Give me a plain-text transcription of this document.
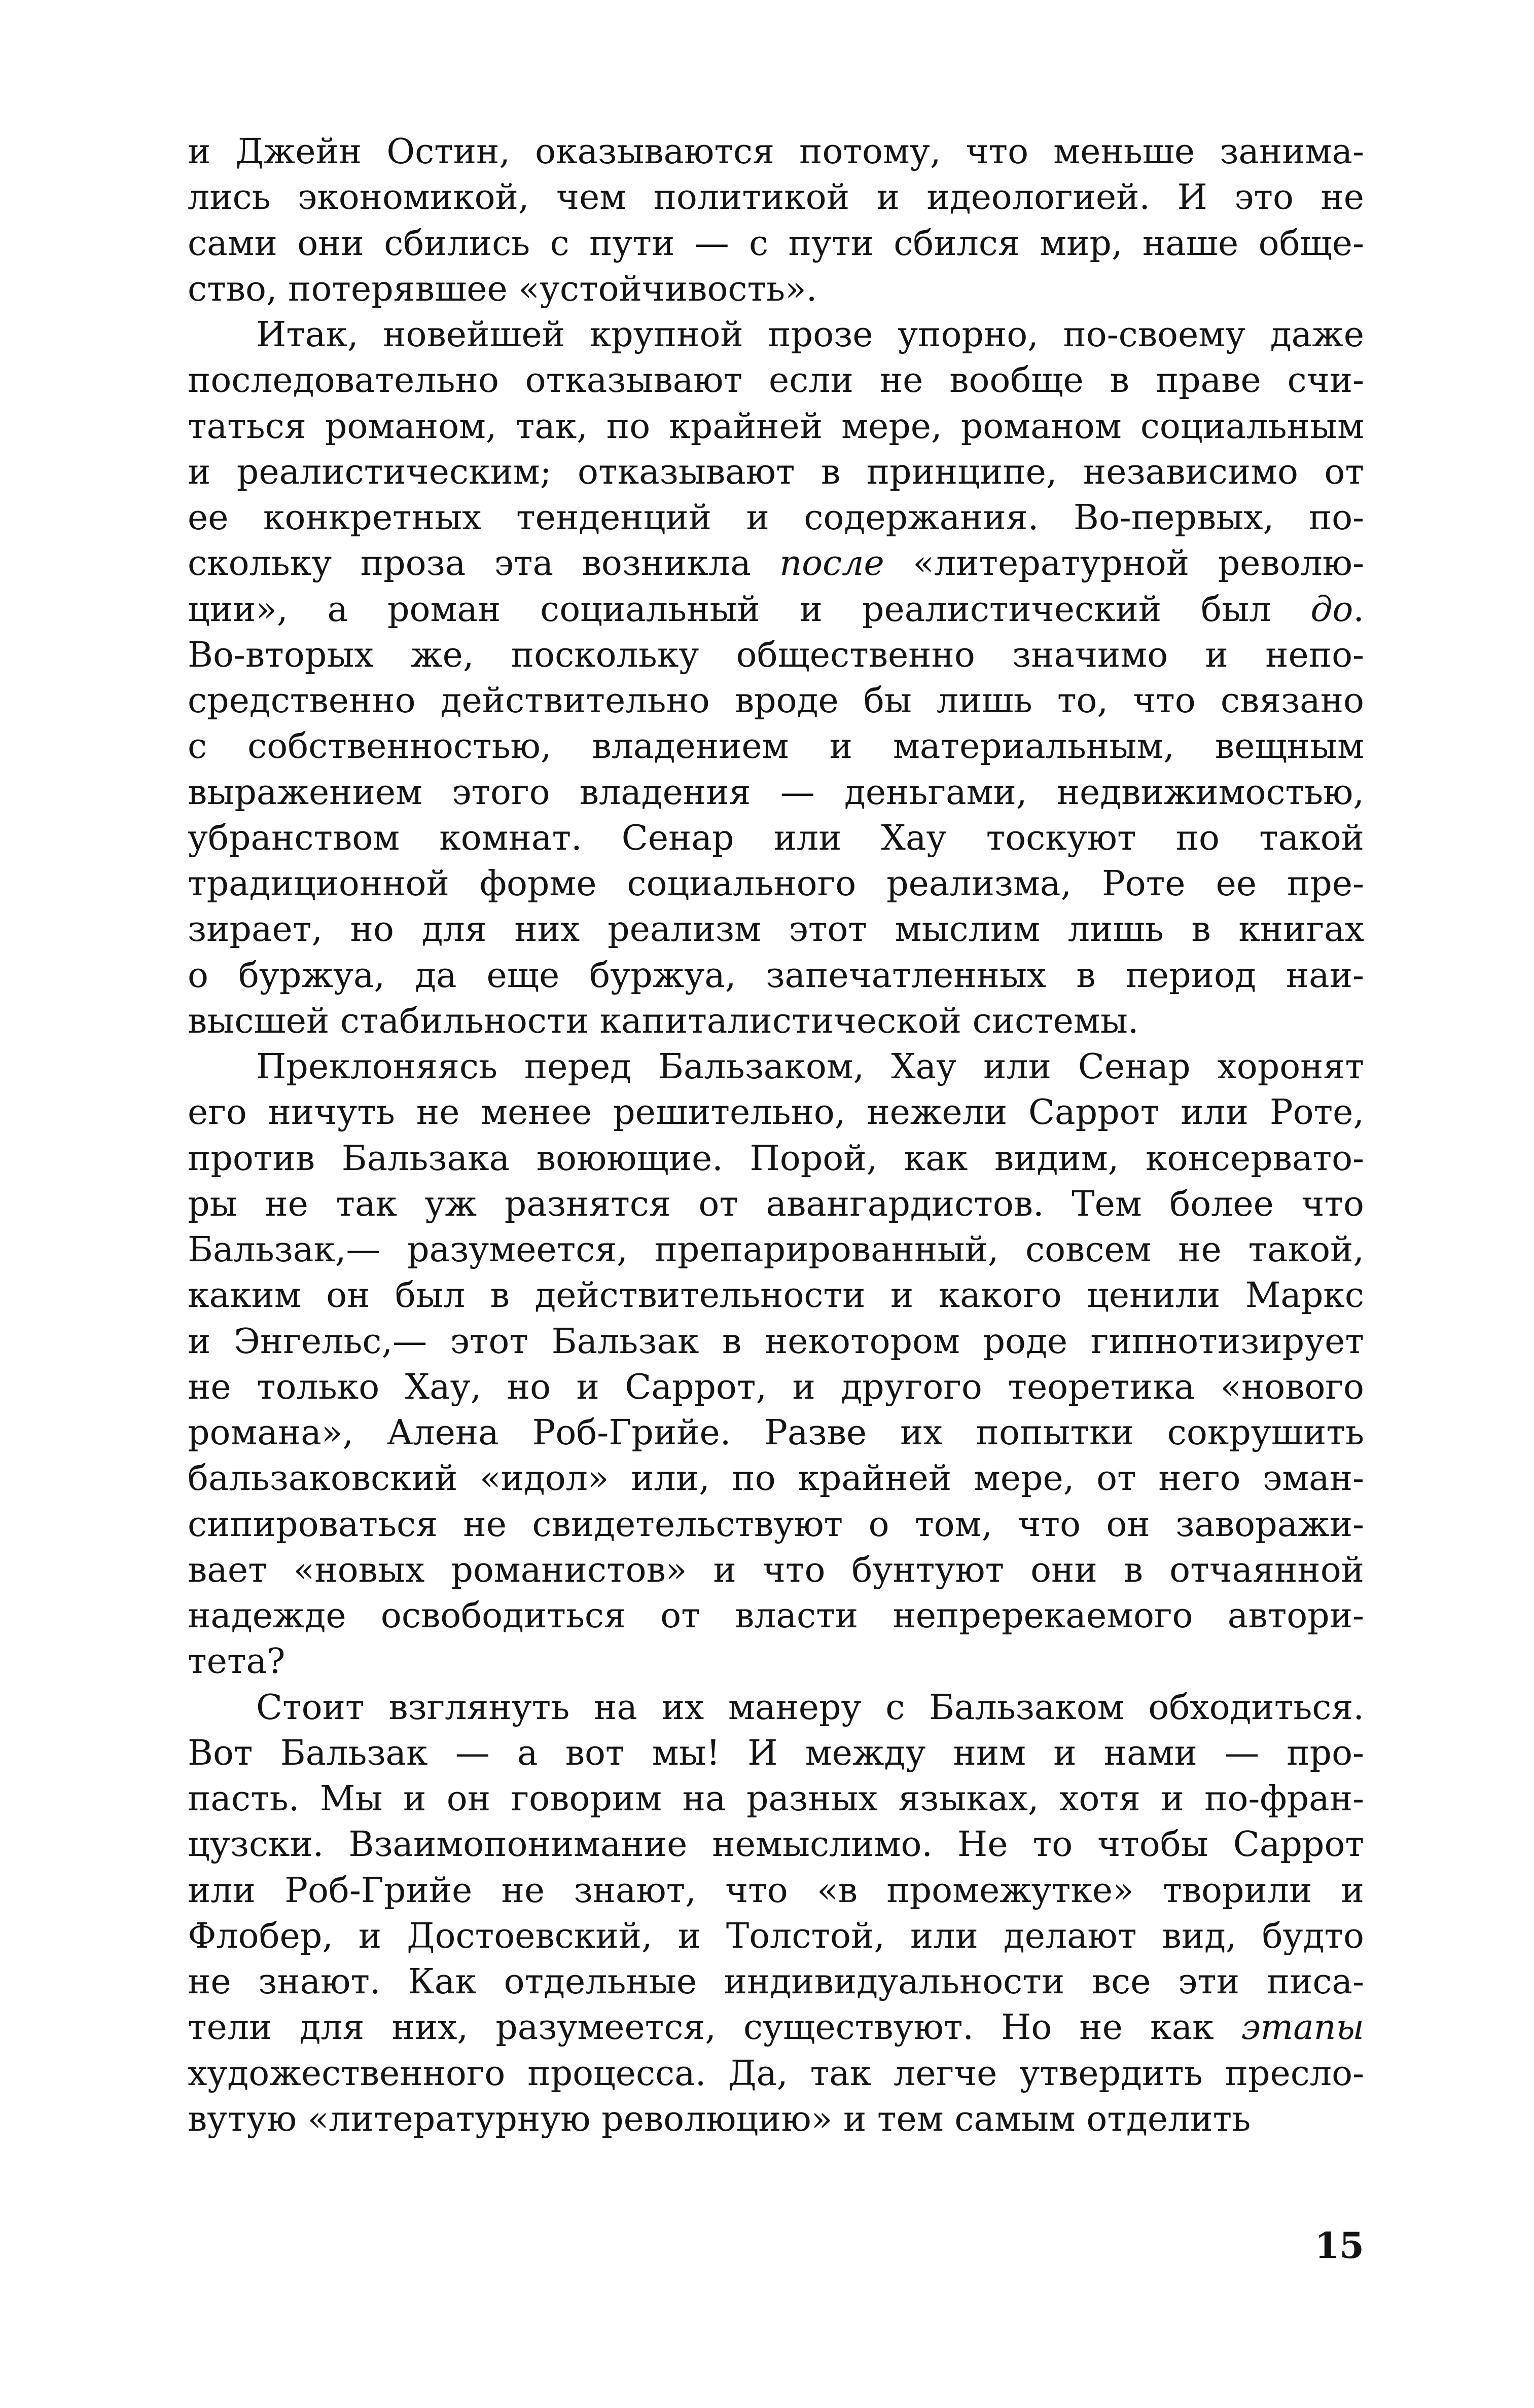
и Джейн Остин, оказываются потому, что меньше занима-
лись экономикой, чем политикой и идеологией. И это не
сами они сбились с пути — с пути сбился мир, наше обще-
ство, потерявшее «устойчивость».
Итак, новейшей крупной прозе упорно, по-своему даже
последовательно отказывают если не вообще в праве счи-
таться романом, так, по крайней мере, романом социальным
и реалистическим; отказывают в принципе, независимо от
ее конкретных тенденций и содержания. Во-первых, по-
скольку проза эта возникла после «литературной револю-
ции», а роман социальный и реалистический был до.
Во-вторых же, поскольку общественно значимо и непо-
средственно действительно вроде бы лишь то, что связано
с собственностью, владением и материальным, вещным
выражением этого владения — деньгами, недвижимостью,
убранством комнат. Сенар или Хау тоскуют по такой
традиционной форме социального реализма, Роте ее пре-
зирает, но для них реализм этот мыслим лишь в книгах
о буржуа, да еще буржуа, запечатленных в период наи-
высшей стабильности капиталистической системы.
Преклоняясь перед Бальзаком, Хау или Сенар хоронят
его ничуть не менее решительно, нежели Саррот или Роте,
против Бальзака воюющие. Порой, как видим, консервато-
ры не так уж разнятся от авангардистов. Тем более что
Бальзак,— разумеется, препарированный, совсем не такой,
каким он был в действительности и какого ценили Маркс
и Энгельс,— этот Бальзак в некотором роде гипнотизирует
не только Хау, но и Саррот, и другого теоретика «нового
романа», Алена Роб-Грийе. Разве их попытки сокрушить
бальзаковский «идол» или, по крайней мере, от него эман-
сипироваться не свидетельствуют о том, что он заворажи-
вает «новых романистов» и что бунтуют они в отчаянной
надежде освободиться от власти непререкаемого автори-
тета?
Стоит взглянуть на их манеру с Бальзаком обходиться.
Вот Бальзак — а вот мы! И между ним и нами — про-
пасть. Мы и он говорим на разных языках, хотя и по-фран-
цузски. Взаимопонимание немыслимо. Не то чтобы Саррот
или Роб-Грийе не знают, что «в промежутке» творили и
Флобер, и Достоевский, и Толстой, или делают вид, будто
не знают. Как отдельные индивидуальности все эти писа-
тели для них, разумеется, существуют. Но не как этапы
художественного процесса. Да, так легче утвердить пресло-
вутую «литературную революцию» и тем самым отделить
15
